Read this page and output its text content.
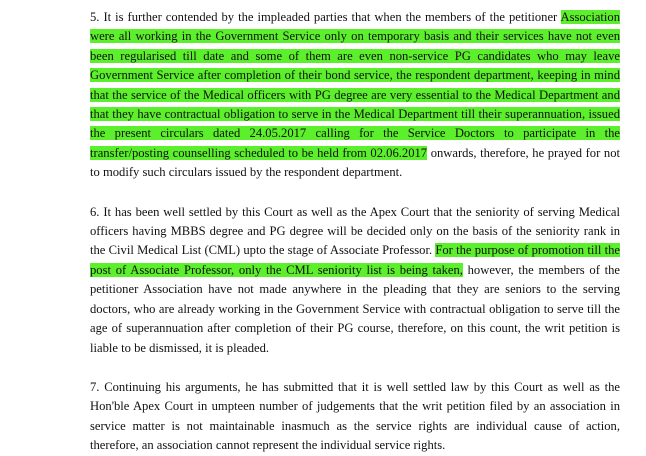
5. It is further contended by the impleaded parties that when the members of the petitioner Association were all working in the Government Service only on temporary basis and their services have not even been regularised till date and some of them are even non-service PG candidates who may leave Government Service after completion of their bond service, the respondent department, keeping in mind that the service of the Medical officers with PG degree are very essential to the Medical Department and that they have contractual obligation to serve in the Medical Department till their superannuation, issued the present circulars dated 24.05.2017 calling for the Service Doctors to participate in the transfer/posting counselling scheduled to be held from 02.06.2017 onwards, therefore, he prayed for not to modify such circulars issued by the respondent department.

6. It has been well settled by this Court as well as the Apex Court that the seniority of serving Medical officers having MBBS degree and PG degree will be decided only on the basis of the seniority rank in the Civil Medical List (CML) upto the stage of Associate Professor. For the purpose of promotion till the post of Associate Professor, only the CML seniority list is being taken, however, the members of the petitioner Association have not made anywhere in the pleading that they are seniors to the serving doctors, who are already working in the Government Service with contractual obligation to serve till the age of superannuation after completion of their PG course, therefore, on this count, the writ petition is liable to be dismissed, it is pleaded.

7. Continuing his arguments, he has submitted that it is well settled law by this Court as well as the Hon'ble Apex Court in umpteen number of judgements that the writ petition filed by an association in service matter is not maintainable inasmuch as the service rights are individual cause of action, therefore, an association cannot represent the individual service rights.
